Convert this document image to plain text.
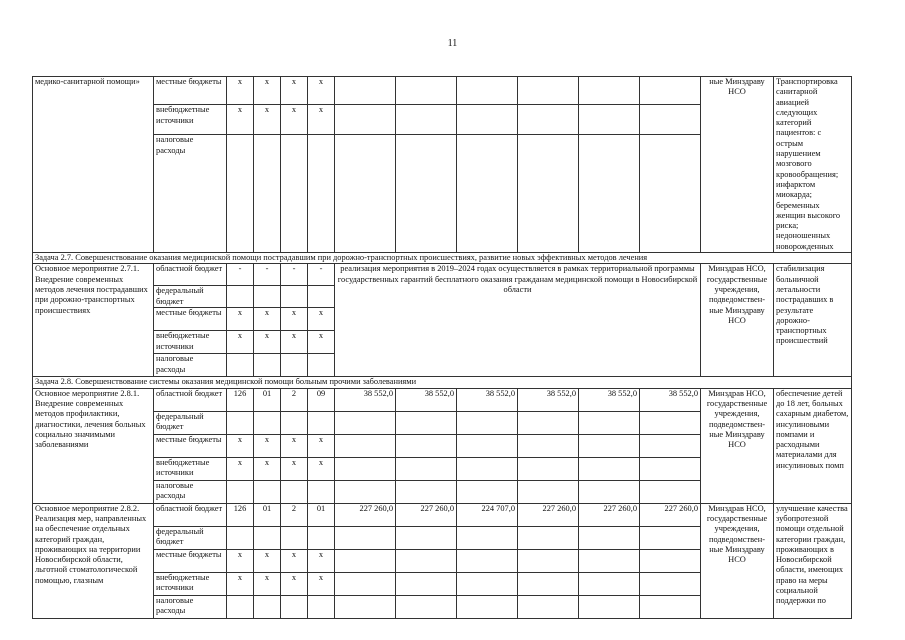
11
медико-санитарной помощи»	местные бюджеты	х	х	х	х							ные Минздраву НСО	Транспортировка санитарной авиацией следующих категорий пациентов: с острым нарушением мозгового кровообращения; инфарктом миокарда; беременных женщин высокого риска; недоношенных новорожденных
	внебюджетные источники	х	х	х	х								
	налоговые расходы												
Задача 2.7. Совершенствование оказания медицинской помощи пострадавшим при дорожно-транспортных происшествиях, развитие новых эффективных методов лечения													
Основное мероприятие 2.7.1. Внедрение современных методов лечения пострадавших при дорожно-транспортных происшествиях	областной бюджет	-	-	-	-	реализация мероприятия в 2019–2024 годах осуществляется в рамках территориальной программы государственных гарантий бесплатного оказания гражданам медицинской помощи в Новосибирской области						Минздрав НСО, государственные учреждения, подведомствен-ные Минздраву НСО	стабилизация больничной летальности пострадавших в результате дорожно-транспортных происшествий
	федеральный бюджет												
	местные бюджеты	х	х	х	х								
	внебюджетные источники	х	х	х	х								
	налоговые расходы												
Задача 2.8. Совершенствование системы оказания медицинской помощи больным прочими заболеваниями													
Основное мероприятие 2.8.1. Внедрение современных методов профилактики, диагностики, лечения больных социально значимыми заболеваниями	областной бюджет	126	01	2	09	38 552,0	38 552,0	38 552,0	38 552,0	38 552,0	38 552,0	Минздрав НСО, государственные учреждения, подведомствен-ные Минздраву НСО	обеспечение детей до 18 лет, больных сахарным диабетом, инсулиновыми помпами и расходными материалами для инсулиновых помп
	федеральный бюджет												
	местные бюджеты	х	х	х	х								
	внебюджетные источники	х	х	х	х								
	налоговые расходы												
Основное мероприятие 2.8.2. Реализация мер, направленных на обеспечение отдельных категорий граждан, проживающих на территории Новосибирской области, льготной стоматологической помощью, глазным	областной бюджет	126	01	2	01	227 260,0	227 260,0	224 707,0	227 260,0	227 260,0	227 260,0	Минздрав НСО, государственные учреждения, подведомствен-ные Минздраву НСО	улучшение качества зубопротезной помощи отдельной категории граждан, проживающих в Новосибирской области, имеющих право на меры социальной поддержки по
	федеральный бюджет												
	местные бюджеты	х	х	х	х								
	внебюджетные источники	х	х	х	х								
	налоговые расходы												
